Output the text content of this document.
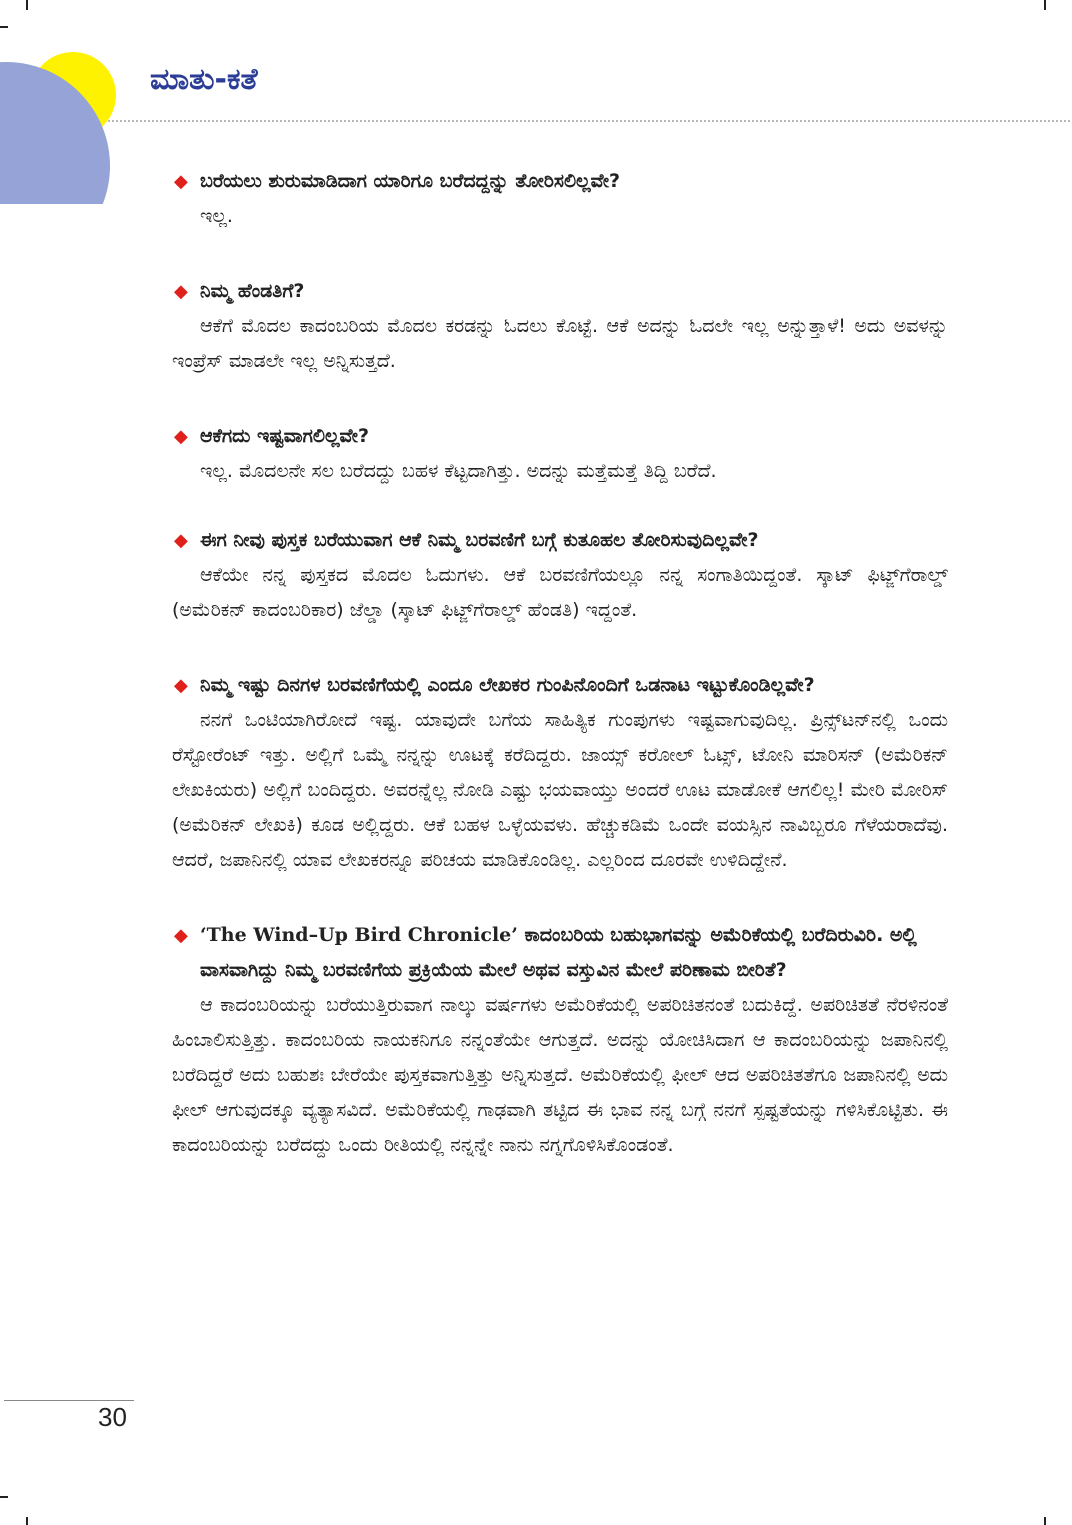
ಮಾತು-ಕತೆ

◆ ಬರೆಯಲು ಶುರುಮಾಡಿದಾಗ ಯಾರಿಗೂ ಬರೆದದ್ದನ್ನು ತೋರಿಸಲಿಲ್ಲವೇ?

ಇಲ್ಲ.

◆ ನಿಮ್ಮ ಹೆಂಡತಿಗೆ?

ಆಕೆಗೆ ಮೊದಲ ಕಾದಂಬರಿಯ ಮೊದಲ ಕರಡನ್ನು ಓದಲು ಕೊಟ್ಟೆ. ಆಕೆ ಅದನ್ನು ಓದಲೇ ಇಲ್ಲ ಅನ್ನುತ್ತಾಳೆ! ಅದು ಅವಳನ್ನು ಇಂಪ್ರೆಸ್ ಮಾಡಲೇ ಇಲ್ಲ ಅನ್ನಿಸುತ್ತದೆ.

◆ ಆಕೆಗದು ಇಷ್ಟವಾಗಲಿಲ್ಲವೇ?

ಇಲ್ಲ. ಮೊದಲನೇ ಸಲ ಬರೆದದ್ದು ಬಹಳ ಕೆಟ್ಟದಾಗಿತ್ತು. ಅದನ್ನು ಮತ್ತೆಮತ್ತೆ ತಿದ್ದಿ ಬರೆದೆ.

◆ ಈಗ ನೀವು ಪುಸ್ತಕ ಬರೆಯುವಾಗ ಆಕೆ ನಿಮ್ಮ ಬರವಣಿಗೆ ಬಗ್ಗೆ ಕುತೂಹಲ ತೋರಿಸುವುದಿಲ್ಲವೇ?

ಆಕೆಯೇ ನನ್ನ ಪುಸ್ತಕದ ಮೊದಲ ಓದುಗಳು. ಆಕೆ ಬರವಣಿಗೆಯಲ್ಲೂ ನನ್ನ ಸಂಗಾತಿಯಿದ್ದಂತೆ. ಸ್ಕಾಟ್ ಫಿಟ್ಜ್‌ಗೆರಾಲ್ಡ್ (ಅಮೆರಿಕನ್ ಕಾದಂಬರಿಕಾರ) ಜೆಲ್ಡಾ (ಸ್ಕಾಟ್ ಫಿಟ್ಜ್‌ಗೆರಾಲ್ಡ್ ಹೆಂಡತಿ) ಇದ್ದಂತೆ.

◆ ನಿಮ್ಮ ಇಷ್ಟು ದಿನಗಳ ಬರವಣಿಗೆಯಲ್ಲಿ ಎಂದೂ ಲೇಖಕರ ಗುಂಪಿನೊಂದಿಗೆ ಒಡನಾಟ ಇಟ್ಟುಕೊಂಡಿಲ್ಲವೇ?

ನನಗೆ ಒಂಟಿಯಾಗಿರೋದೆ ಇಷ್ಟ. ಯಾವುದೇ ಬಗೆಯ ಸಾಹಿತ್ಯಿಕ ಗುಂಪುಗಳು ಇಷ್ಟವಾಗುವುದಿಲ್ಲ. ಪ್ರಿನ್ಸ್‌ಟನ್‌ನಲ್ಲಿ ಒಂದು ರೆಸ್ಟೋರೆಂಟ್ ಇತ್ತು. ಅಲ್ಲಿಗೆ ಒಮ್ಮೆ ನನ್ನನ್ನು ಊಟಕ್ಕೆ ಕರೆದಿದ್ದರು. ಜಾಯ್ಸ್ ಕರೋಲ್ ಓಟ್ಸ್, ಟೋನಿ ಮಾರಿಸನ್ (ಅಮೆರಿಕನ್ ಲೇಖಕಿಯರು) ಅಲ್ಲಿಗೆ ಬಂದಿದ್ದರು. ಅವರನ್ನೆಲ್ಲ ನೋಡಿ ಎಷ್ಟು ಭಯವಾಯ್ತು ಅಂದರೆ ಊಟ ಮಾಡೋಕೆ ಆಗಲಿಲ್ಲ! ಮೇರಿ ಮೋರಿಸ್ (ಅಮೆರಿಕನ್ ಲೇಖಕಿ) ಕೂಡ ಅಲ್ಲಿದ್ದರು. ಆಕೆ ಬಹಳ ಒಳ್ಳೆಯವಳು. ಹೆಚ್ಚುಕಡಿಮೆ ಒಂದೇ ವಯಸ್ಸಿನ ನಾವಿಬ್ಬರೂ ಗೆಳೆಯರಾದೆವು. ಆದರೆ, ಜಪಾನಿನಲ್ಲಿ ಯಾವ ಲೇಖಕರನ್ನೂ ಪರಿಚಯ ಮಾಡಿಕೊಂಡಿಲ್ಲ. ಎಲ್ಲರಿಂದ ದೂರವೇ ಉಳಿದಿದ್ದೇನೆ.

◆ ‘The Wind–Up Bird Chronicle’ ಕಾದಂಬರಿಯ ಬಹುಭಾಗವನ್ನು ಅಮೆರಿಕೆಯಲ್ಲಿ ಬರೆದಿರುವಿರಿ. ಅಲ್ಲಿ ವಾಸವಾಗಿದ್ದು ನಿಮ್ಮ ಬರವಣಿಗೆಯ ಪ್ರಕ್ರಿಯೆಯ ಮೇಲೆ ಅಥವ ವಸ್ತುವಿನ ಮೇಲೆ ಪರಿಣಾಮ ಬೀರಿತೆ?

ಆ ಕಾದಂಬರಿಯನ್ನು ಬರೆಯುತ್ತಿರುವಾಗ ನಾಲ್ಕು ವರ್ಷಗಳು ಅಮೆರಿಕೆಯಲ್ಲಿ ಅಪರಿಚಿತನಂತೆ ಬದುಕಿದ್ದೆ. ಅಪರಿಚಿತತೆ ನೆರಳಿನಂತೆ ಹಿಂಬಾಲಿಸುತ್ತಿತ್ತು. ಕಾದಂಬರಿಯ ನಾಯಕನಿಗೂ ನನ್ನಂತೆಯೇ ಆಗುತ್ತದೆ. ಅದನ್ನು ಯೋಚಿಸಿದಾಗ ಆ ಕಾದಂಬರಿಯನ್ನು ಜಪಾನಿನಲ್ಲಿ ಬರೆದಿದ್ದರೆ ಅದು ಬಹುಶಃ ಬೇರೆಯೇ ಪುಸ್ತಕವಾಗುತ್ತಿತ್ತು ಅನ್ನಿಸುತ್ತದೆ. ಅಮೆರಿಕೆಯಲ್ಲಿ ಫೀಲ್ ಆದ ಅಪರಿಚಿತತೆಗೂ ಜಪಾನಿನಲ್ಲಿ ಅದು ಫೀಲ್ ಆಗುವುದಕ್ಕೂ ವ್ಯತ್ಯಾಸವಿದೆ. ಅಮೆರಿಕೆಯಲ್ಲಿ ಗಾಢವಾಗಿ ತಟ್ಟಿದ ಈ ಭಾವ ನನ್ನ ಬಗ್ಗೆ ನನಗೆ ಸ್ಪಷ್ಟತೆಯನ್ನು ಗಳಿಸಿಕೊಟ್ಟಿತು. ಈ ಕಾದಂಬರಿಯನ್ನು ಬರೆದದ್ದು ಒಂದು ರೀತಿಯಲ್ಲಿ ನನ್ನನ್ನೇ ನಾನು ನಗ್ನಗೊಳಿಸಿಕೊಂಡಂತೆ.

30
